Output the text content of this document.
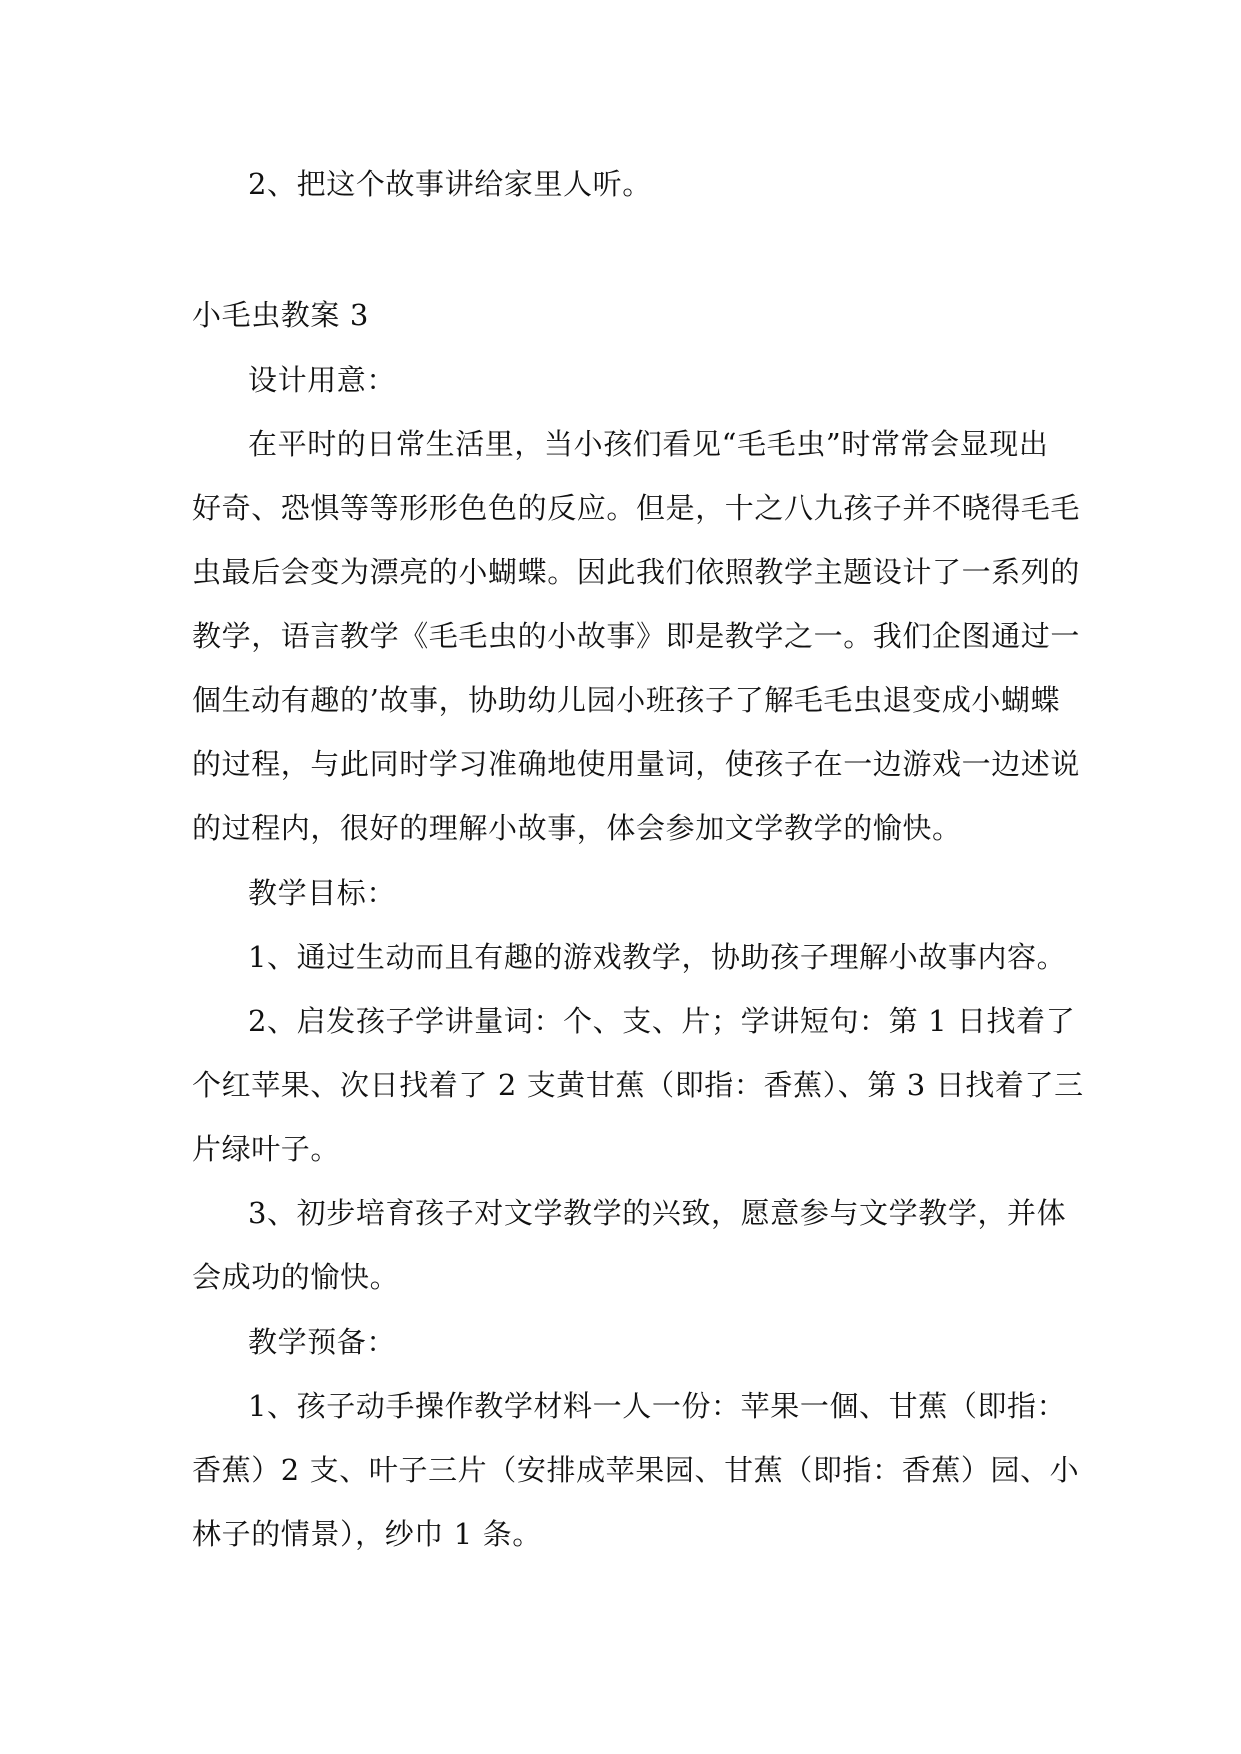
2、把这个故事讲给家里人听。
小毛虫教案 3
设计用意：
在平时的日常生活里，当小孩们看见“毛毛虫”时常常会显现出
好奇、恐惧等等形形色色的反应。但是，十之八九孩子并不晓得毛毛
虫最后会变为漂亮的小蝴蝶。因此我们依照教学主题设计了一系列的
教学，语言教学《毛毛虫的小故事》即是教学之一。我们企图通过一
個生动有趣的’故事，协助幼儿园小班孩子了解毛毛虫退变成小蝴蝶
的过程，与此同时学习准确地使用量词，使孩子在一边游戏一边述说
的过程内，很好的理解小故事，体会参加文学教学的愉快。
教学目标：
1、通过生动而且有趣的游戏教学，协助孩子理解小故事内容。
2、启发孩子学讲量词：个、支、片；学讲短句：第 1 日找着了
个红苹果、次日找着了 2 支黄甘蕉（即指：香蕉）、第 3 日找着了三
片绿叶子。
3、初步培育孩子对文学教学的兴致，愿意参与文学教学，并体
会成功的愉快。
教学预备：
1、孩子动手操作教学材料一人一份：苹果一個、甘蕉（即指：
香蕉）2 支、叶子三片（安排成苹果园、甘蕉（即指：香蕉）园、小
林子的情景），纱巾 1 条。
